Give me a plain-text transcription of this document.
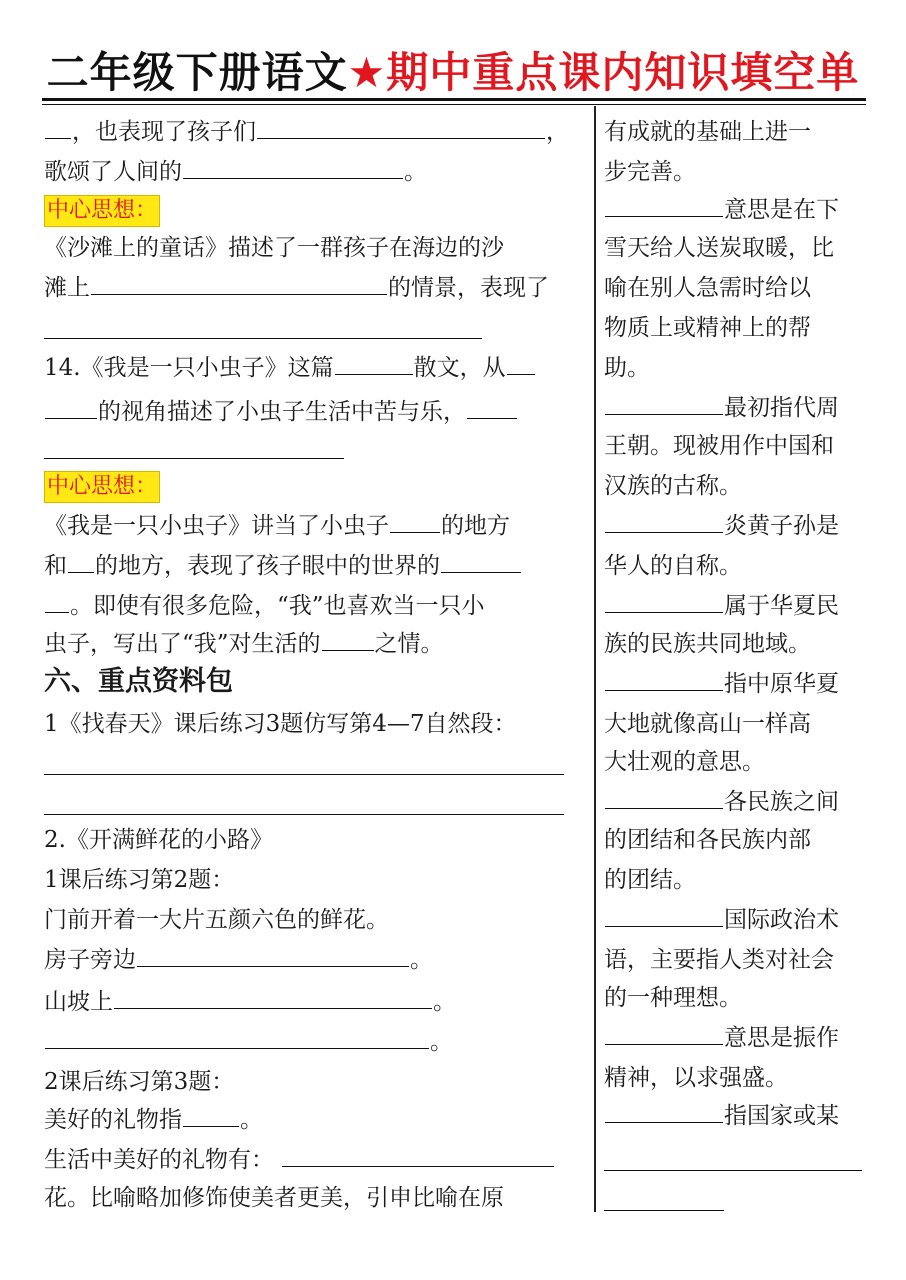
二年级下册语文★期中重点课内知识填空单
，也表现了孩子们	，
歌颂了人间的	。
中心思想：
《沙滩上的童话》描述了一群孩子在海边的沙
滩上	的情景，表现了
14.《我是一只小虫子》这篇	散文，从
的视角描述了小虫子生活中苦与乐，
中心思想：
《我是一只小虫子》讲当了小虫子 的地方
和 的地方，表现了孩子眼中的世界的
。即使有很多危险，“我”也喜欢当一只小
虫子，写出了“我”对生活的 之情。
六、重点资料包
1《找春天》课后练习3题仿写第4—7自然段：
2.《开满鲜花的小路》
1课后练习第2题：
门前开着一大片五颜六色的鲜花。
房子旁边	。
山坡上	。
。
2课后练习第3题：
美好的礼物指	。
生活中美好的礼物有：
花。比喻略加修饰使美者更美，引申比喻在原
有成就的基础上进一
步完善。
意思是在下
雪天给人送炭取暖，比
喻在别人急需时给以
物质上或精神上的帮
助。
最初指代周
王朝。现被用作中国和
汉族的古称。
炎黄子孙是
华人的自称。
属于华夏民
族的民族共同地域。
指中原华夏
大地就像高山一样高
大壮观的意思。
各民族之间
的团结和各民族内部
的团结。
国际政治术
语，主要指人类对社会
的一种理想。
意思是振作
精神，以求强盛。
指国家或某
